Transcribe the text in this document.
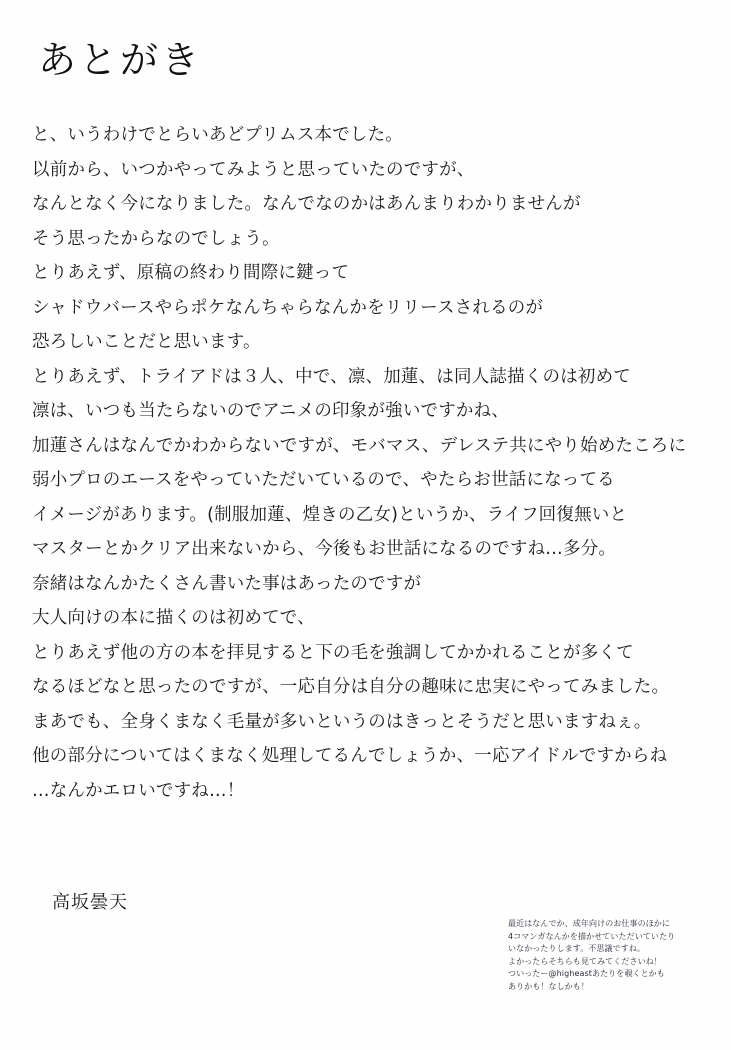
あとがき
と、いうわけでとらいあどプリムス本でした。
以前から、いつかやってみようと思っていたのですが、
なんとなく今になりました。なんでなのかはあんまりわかりませんが
そう思ったからなのでしょう。
とりあえず、原稿の終わり間際に鍵って
シャドウバースやらポケなんちゃらなんかをリリースされるのが
恐ろしいことだと思います。
とりあえず、トライアドは３人、中で、凛、加蓮、は同人誌描くのは初めて
凛は、いつも当たらないのでアニメの印象が強いですかね、
加蓮さんはなんでかわからないですが、モバマス、デレステ共にやり始めたころに
弱小プロのエースをやっていただいているので、やたらお世話になってる
イメージがあります。(制服加蓮、煌きの乙女)というか、ライフ回復無いと
マスターとかクリア出来ないから、今後もお世話になるのですね…多分。
奈緒はなんかたくさん書いた事はあったのですが
大人向けの本に描くのは初めてで、
とりあえず他の方の本を拝見すると下の毛を強調してかかれることが多くて
なるほどなと思ったのですが、一応自分は自分の趣味に忠実にやってみました。
まあでも、全身くまなく毛量が多いというのはきっとそうだと思いますねぇ。
他の部分についてはくまなく処理してるんでしょうか、一応アイドルですからね
…なんかエロいですね…！
高坂曇天
最近はなんでか、成年向けのお仕事のほかに
4コマンガなんかを描かせていただいていたり
いなかったりします。不思議ですね。
よかったらそちらも見てみてくださいね！
ついったー@higheastあたりを覗くとかも
ありかも！なしかも！
